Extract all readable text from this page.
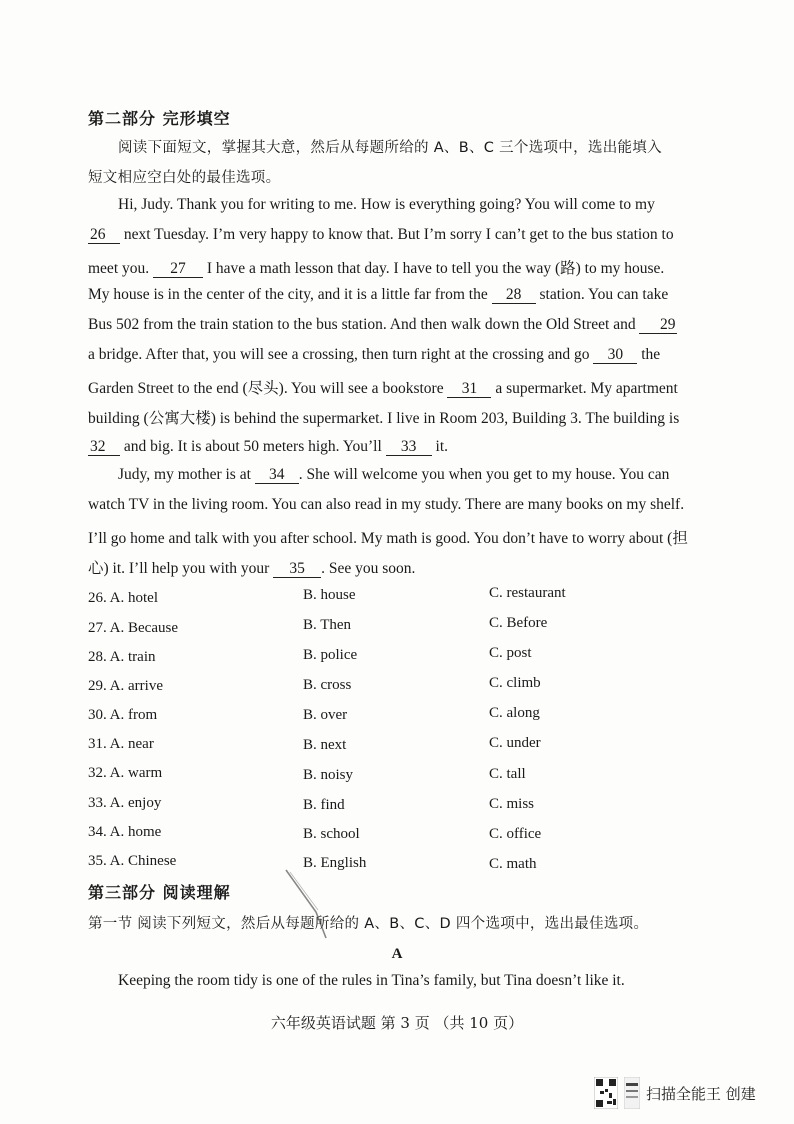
第二部分 完形填空
阅读下面短文，掌握其大意，然后从每题所给的 A、B、C 三个选项中，选出能填入
短文相应空白处的最佳选项。
Hi, Judy. Thank you for writing to me. How is everything going? You will come to my
26 next Tuesday. I’m very happy to know that. But I’m sorry I can’t get to the bus station to
meet you. 27 I have a math lesson that day. I have to tell you the way (路) to my house.
My house is in the center of the city, and it is a little far from the 28 station. You can take
Bus 502 from the train station to the bus station. And then walk down the Old Street and 29
a bridge. After that, you will see a crossing, then turn right at the crossing and go 30 the
Garden Street to the end (尽头). You will see a bookstore 31 a supermarket. My apartment
building (公寓大楼) is behind the supermarket. I live in Room 203, Building 3. The building is
32 and big. It is about 50 meters high. You’ll 33 it.
Judy, my mother is at 34 . She will welcome you when you get to my house. You can
watch TV in the living room. You can also read in my study. There are many books on my shelf.
I’ll go home and talk with you after school. My math is good. You don’t have to worry about (担
心) it. I’ll help you with your 35 . See you soon.
26. A. hotel	B. house	C. restaurant
27. A. Because	B. Then	C. Before
28. A. train	B. police	C. post
29. A. arrive	B. cross	C. climb
30. A. from	B. over	C. along
31. A. near	B. next	C. under
32. A. warm	B. noisy	C. tall
33. A. enjoy	B. find	C. miss
34. A. home	B. school	C. office
35. A. Chinese	B. English	C. math
第三部分 阅读理解
第一节 阅读下列短文，然后从每题所给的 A、B、C、D 四个选项中，选出最佳选项。
A
Keeping the room tidy is one of the rules in Tina’s family, but Tina doesn’t like it.
六年级英语试题 第 3 页 （共 10 页）
扫描全能王 创建
